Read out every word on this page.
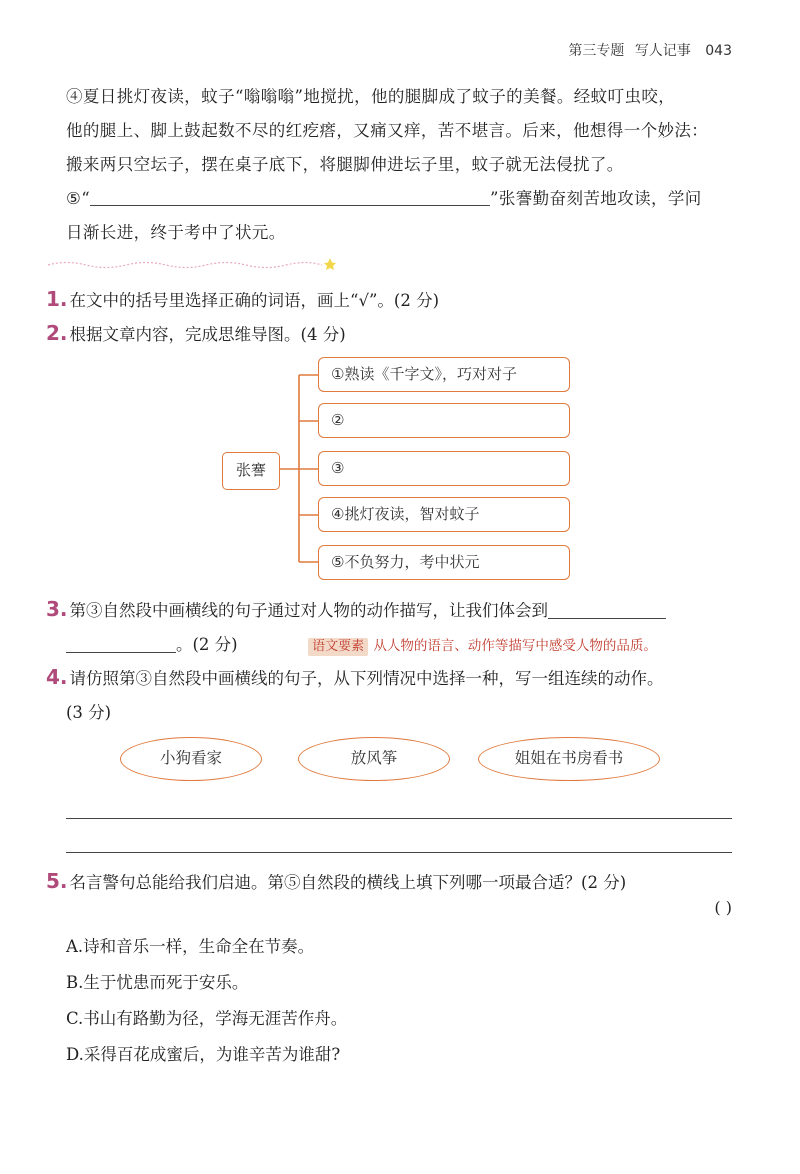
第三专题 写人记事 043
④夏日挑灯夜读，蚊子“嗡嗡嗡”地搅扰，他的腿脚成了蚊子的美餐。经蚊叮虫咬，
他的腿上、脚上鼓起数不尽的红疙瘩，又痛又痒，苦不堪言。后来，他想得一个妙法：
搬来两只空坛子，摆在桌子底下，将腿脚伸进坛子里，蚊子就无法侵扰了。
⑤“	”张謇勤奋刻苦地攻读，学问
日渐长进，终于考中了状元。
1. 在文中的括号里选择正确的词语，画上“√”。(2 分)
2. 根据文章内容，完成思维导图。(4 分)
张謇
①熟读《千字文》，巧对对子
②
③
④挑灯夜读，智对蚊子
⑤不负努力，考中状元
3. 第③自然段中画横线的句子通过对人物的动作描写，让我们体会到
。(2 分)	语文要素 从人物的语言、动作等描写中感受人物的品质。
4. 请仿照第③自然段中画横线的句子，从下列情况中选择一种，写一组连续的动作。
(3 分)
小狗看家	放风筝	姐姐在书房看书
5. 名言警句总能给我们启迪。第⑤自然段的横线上填下列哪一项最合适？(2 分)
( )
A.诗和音乐一样，生命全在节奏。
B.生于忧患而死于安乐。
C.书山有路勤为径，学海无涯苦作舟。
D.采得百花成蜜后，为谁辛苦为谁甜?
